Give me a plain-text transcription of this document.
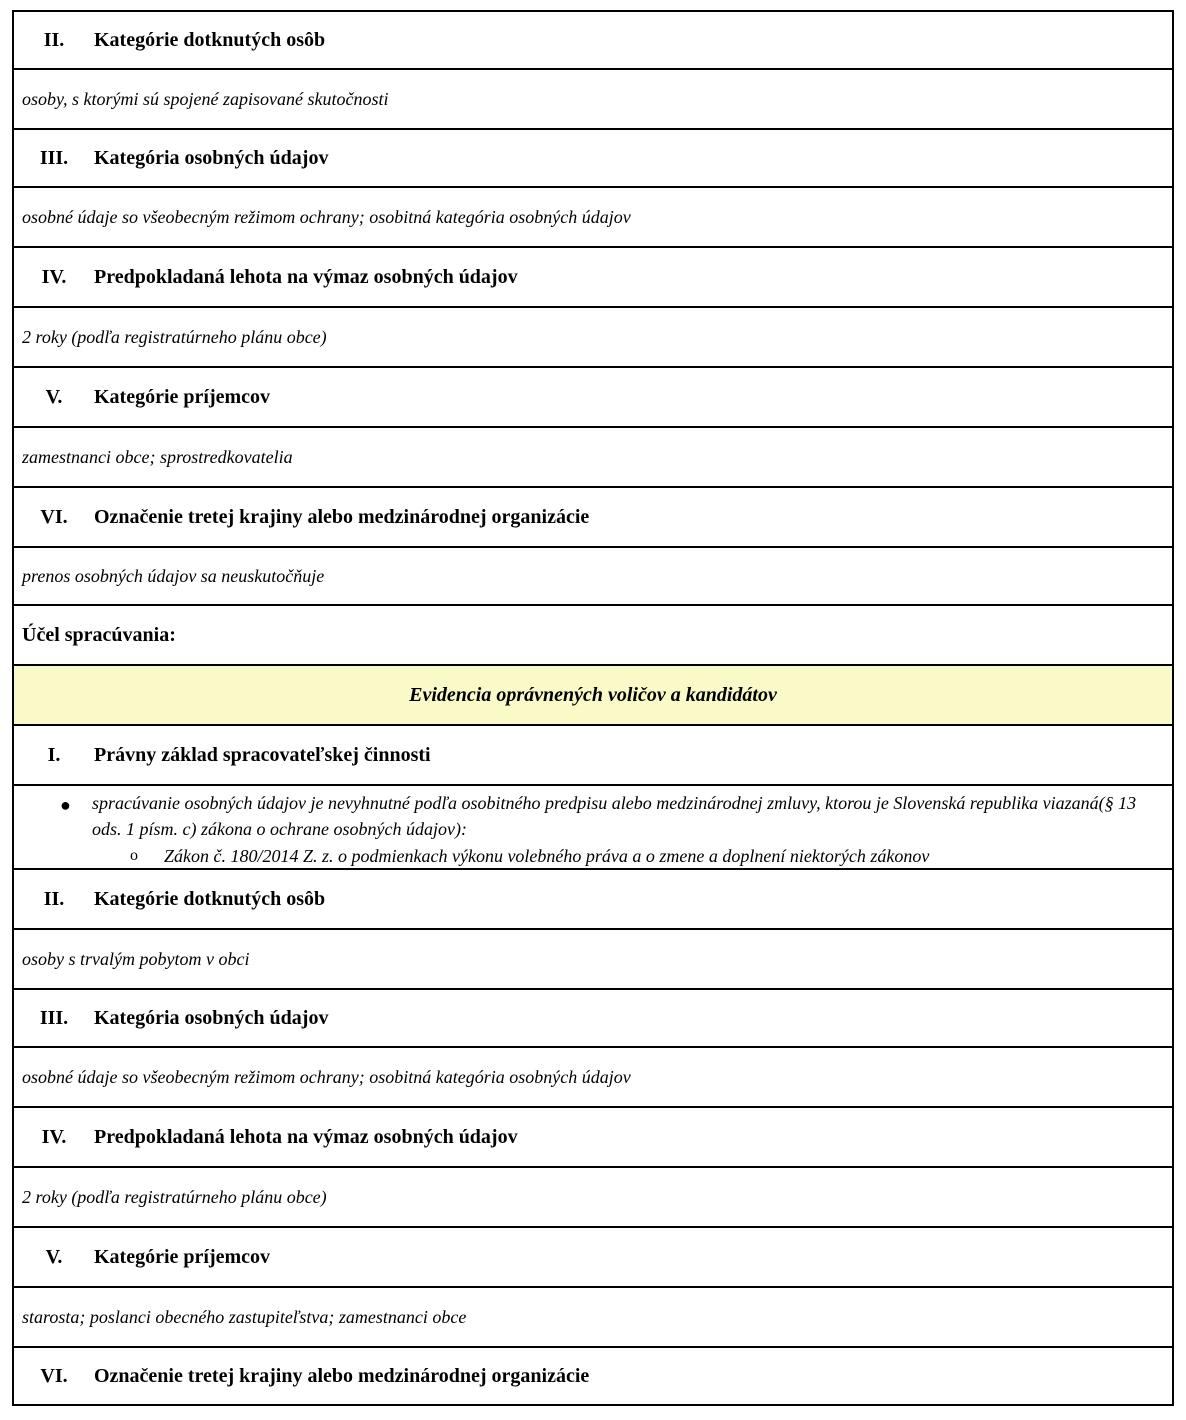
II.	Kategórie dotknutých osôb
osoby, s ktorými sú spojené zapisované skutočnosti
III.	Kategória osobných údajov
osobné údaje so všeobecným režimom ochrany; osobitná kategória osobných údajov
IV.	Predpokladaná lehota na výmaz osobných údajov
2 roky (podľa registratúrneho plánu obce)
V.	Kategórie príjemcov
zamestnanci obce; sprostredkovatelia
VI.	Označenie tretej krajiny alebo medzinárodnej organizácie
prenos osobných údajov sa neuskutočňuje
Účel spracúvania:
Evidencia oprávnených voličov a kandidátov
I.	Právny základ spracovateľskej činnosti
● spracúvanie osobných údajov je nevyhnutné podľa osobitného predpisu alebo medzinárodnej zmluvy, ktorou je Slovenská republika viazaná(§ 13 ods. 1 písm. c) zákona o ochrane osobných údajov):
o Zákon č. 180/2014 Z. z. o podmienkach výkonu volebného práva a o zmene a doplnení niektorých zákonov
II.	Kategórie dotknutých osôb
osoby s trvalým pobytom v obci
III.	Kategória osobných údajov
osobné údaje so všeobecným režimom ochrany; osobitná kategória osobných údajov
IV.	Predpokladaná lehota na výmaz osobných údajov
2 roky (podľa registratúrneho plánu obce)
V.	Kategórie príjemcov
starosta; poslanci obecného zastupiteľstva; zamestnanci obce
VI.	Označenie tretej krajiny alebo medzinárodnej organizácie
